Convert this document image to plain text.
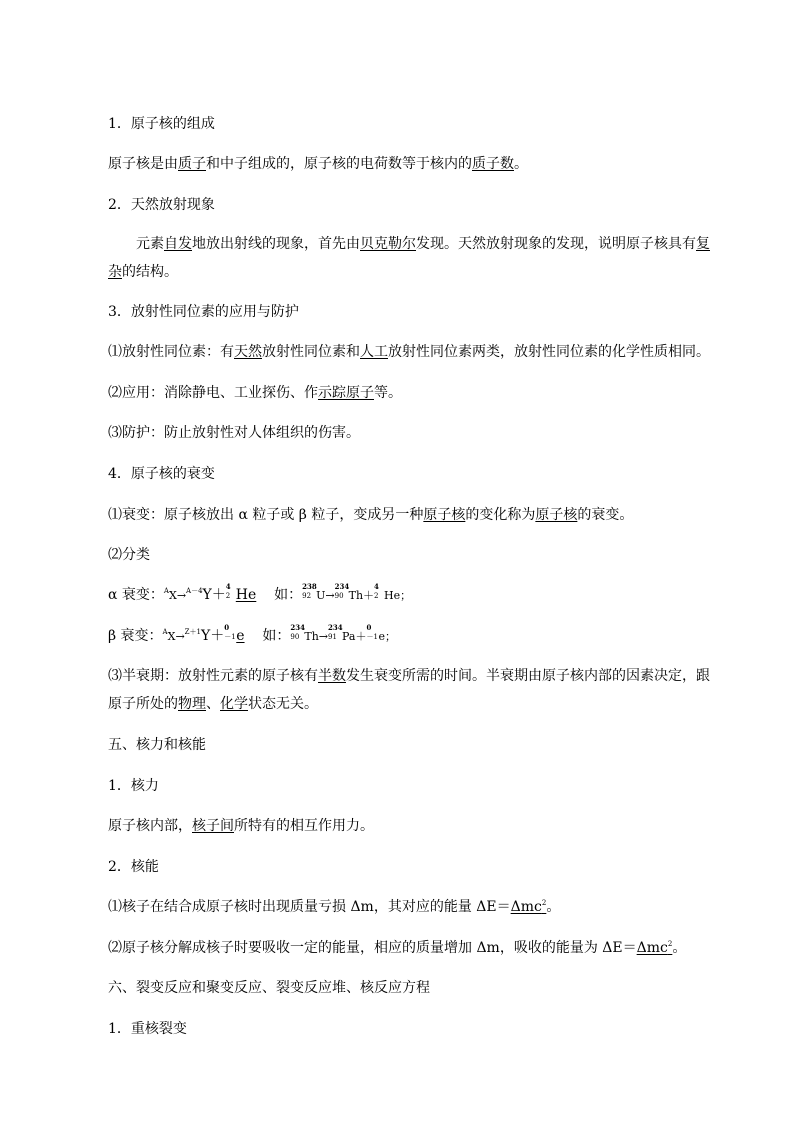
1．原子核的组成
原子核是由质子和中子组成的，原子核的电荷数等于核内的质子数。
2．天然放射现象
元素自发地放出射线的现象，首先由贝克勒尔发现。天然放射现象的发现，说明原子核具有复杂的结构。
3．放射性同位素的应用与防护
⑴放射性同位素：有天然放射性同位素和人工放射性同位素两类，放射性同位素的化学性质相同。
⑵应用：消除静电、工业探伤、作示踪原子等。
⑶防护：防止放射性对人体组织的伤害。
4．原子核的衰变
⑴衰变：原子核放出 α 粒子或 β 粒子，变成另一种原子核的变化称为原子核的衰变。
⑵分类
α 衰变：$^A$X→$^{A-4}$Y＋
4
2 He 如：
238
92 U→
234
90 Th＋
4
2 He；
β 衰变：$^A$X→$^{Z+1}$Y＋
0
－1 e 如：
234
90 Th→
234
91 Pa＋
0
－1 e；
⑶半衰期：放射性元素的原子核有半数发生衰变所需的时间。半衰期由原子核内部的因素决定，跟原子所处的物理、化学状态无关。
五、核力和核能
1．核力
原子核内部，核子间所特有的相互作用力。
2．核能
⑴核子在结合成原子核时出现质量亏损 Δm，其对应的能量 ΔE＝Δmc$^2$。
⑵原子核分解成核子时要吸收一定的能量，相应的质量增加 Δm，吸收的能量为 ΔE＝Δmc$^2$。
六、裂变反应和聚变反应、裂变反应堆、核反应方程
1．重核裂变
